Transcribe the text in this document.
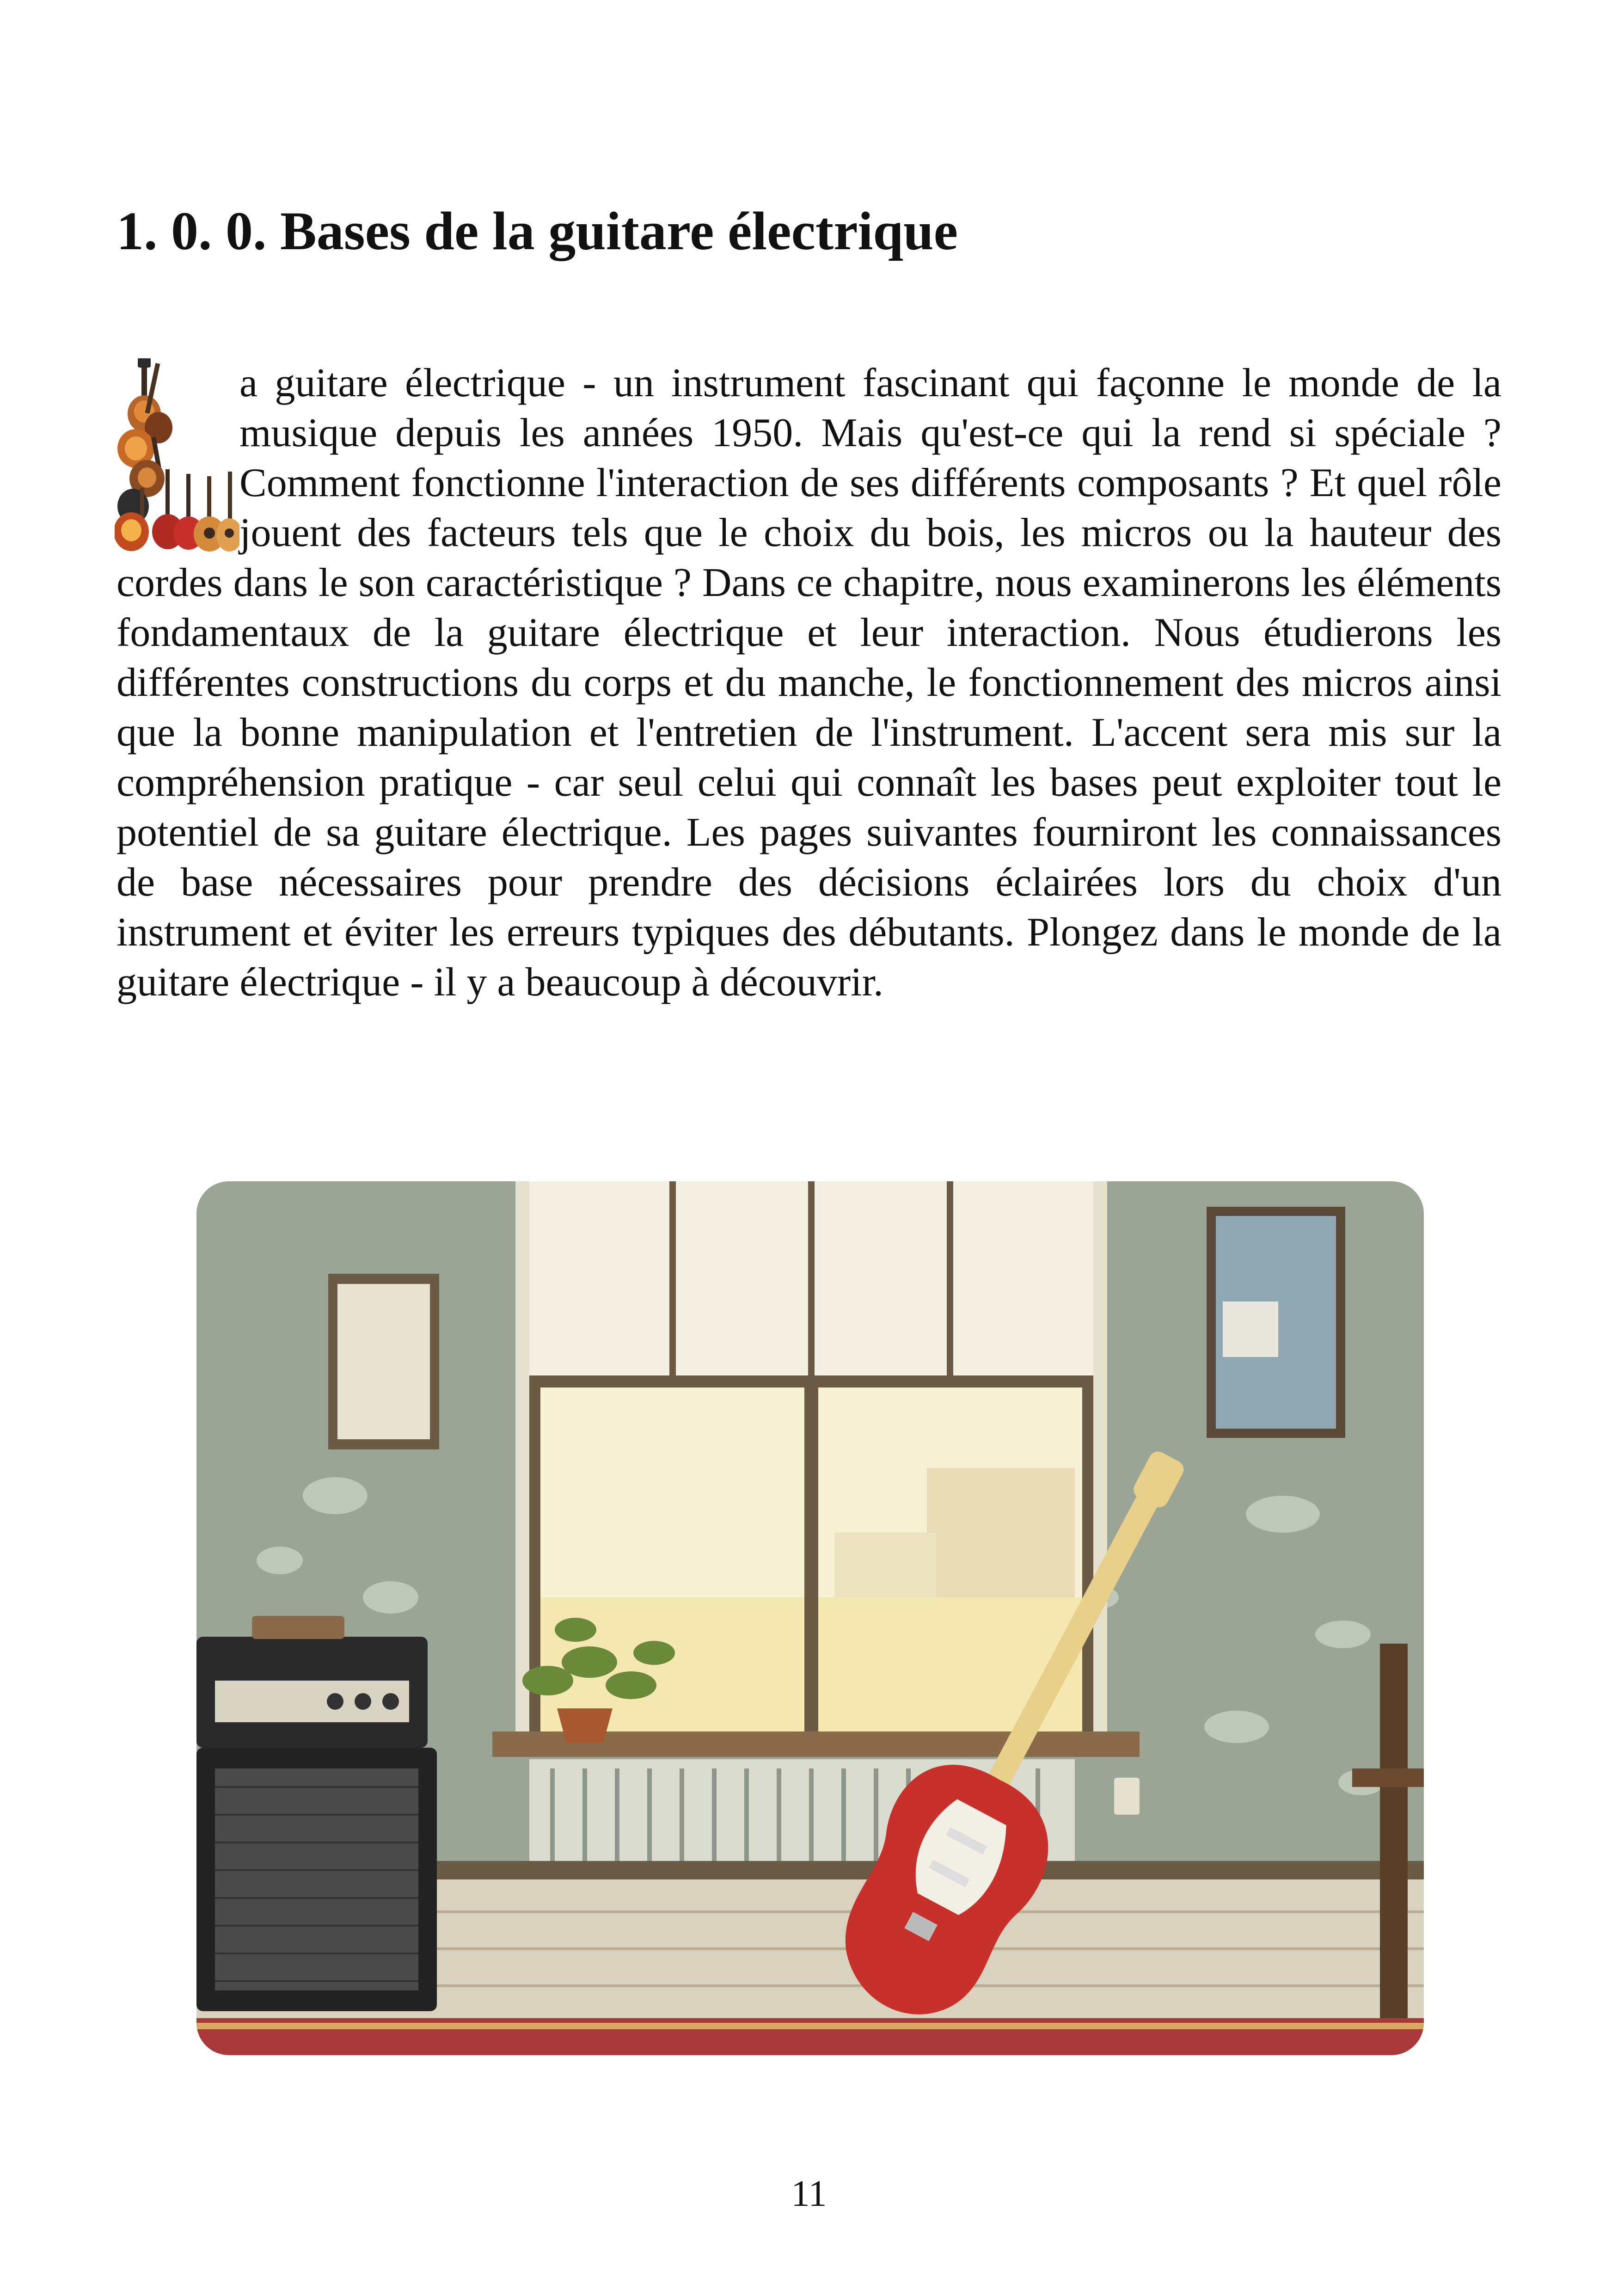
1. 0. 0. Bases de la guitare électrique

a guitare électrique - un instrument fascinant qui façonne le monde de la musique depuis les années 1950. Mais qu'est-ce qui la rend si spéciale ? Comment fonctionne l'interaction de ses différents composants ? Et quel rôle jouent des facteurs tels que le choix du bois, les micros ou la hauteur des cordes dans le son caractéristique ? Dans ce chapitre, nous examinerons les éléments fondamentaux de la guitare électrique et leur interaction. Nous étudierons les différentes constructions du corps et du manche, le fonctionnement des micros ainsi que la bonne manipulation et l'entretien de l'instrument. L'accent sera mis sur la compréhension pratique - car seul celui qui connaît les bases peut exploiter tout le potentiel de sa guitare électrique. Les pages suivantes fourniront les connaissances de base nécessaires pour prendre des décisions éclairées lors du choix d'un instrument et éviter les erreurs typiques des débutants. Plongez dans le monde de la guitare électrique - il y a beaucoup à découvrir.

11
